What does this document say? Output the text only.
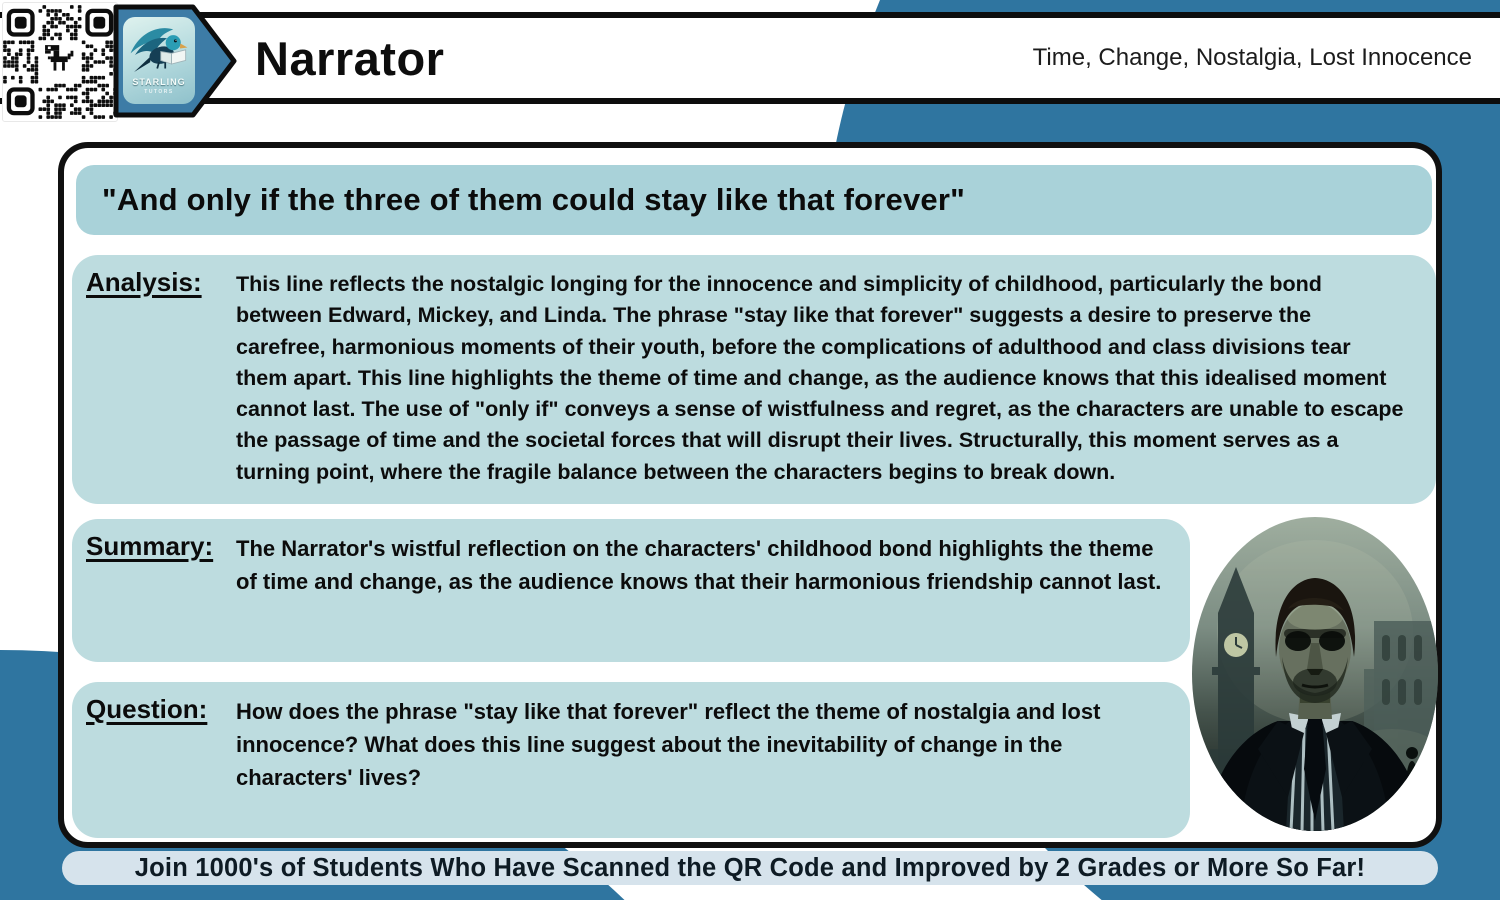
Narrator	Time, Change, Nostalgia, Lost Innocence
STARLING
TUTORS
"And only if the three of them could stay like that forever"
Analysis:	This line reflects the nostalgic longing for the innocence and simplicity of childhood, particularly the bond between Edward, Mickey, and Linda. The phrase "stay like that forever" suggests a desire to preserve the carefree, harmonious moments of their youth, before the complications of adulthood and class divisions tear them apart. This line highlights the theme of time and change, as the audience knows that this idealised moment cannot last. The use of "only if" conveys a sense of wistfulness and regret, as the characters are unable to escape the passage of time and the societal forces that will disrupt their lives. Structurally, this moment serves as a turning point, where the fragile balance between the characters begins to break down.

Summary:	The Narrator's wistful reflection on the characters' childhood bond highlights the theme of time and change, as the audience knows that their harmonious friendship cannot last.

Question:	How does the phrase "stay like that forever" reflect the theme of nostalgia and lost innocence? What does this line suggest about the inevitability of change in the characters' lives?

Join 1000's of Students Who Have Scanned the QR Code and Improved by 2 Grades or More So Far!
